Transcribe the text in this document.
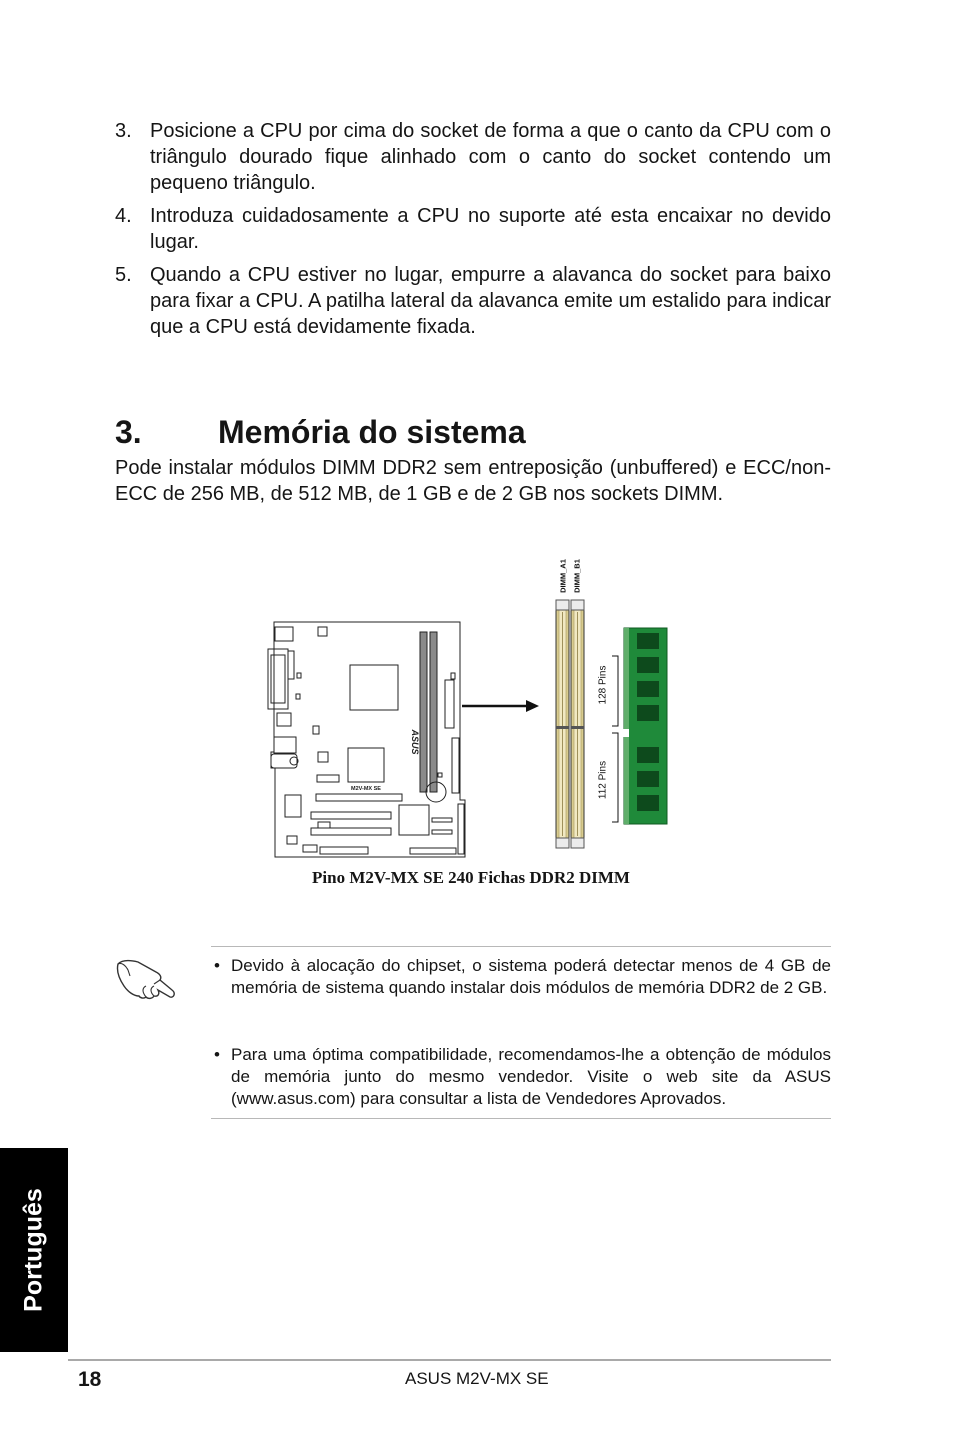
3. Posicione a CPU por cima do socket de forma a que o canto da CPU com o triângulo dourado fique alinhado com o canto do socket contendo um pequeno triângulo.
4. Introduza cuidadosamente a CPU no suporte até esta encaixar no devido lugar.
5. Quando a CPU estiver no lugar, empurre a alavanca do socket para baixo para fixar a CPU. A patilha lateral da alavanca emite um estalido para indicar que a CPU está devidamente fixada.
3. Memória do sistema
Pode instalar módulos DIMM DDR2 sem entreposição (unbuffered) e ECC/non-ECC de 256 MB, de 512 MB, de 1 GB e de 2 GB nos sockets DIMM.
M2V-MX SE
ASUS
DIMM_A1 DIMM_B1
128 Pins
112 Pins
Pino M2V-MX SE 240 Fichas DDR2 DIMM
• Devido à alocação do chipset, o sistema poderá detectar menos de 4 GB de memória de sistema quando instalar dois módulos de memória DDR2 de 2 GB.
• Para uma óptima compatibilidade, recomendamos-lhe a obtenção de módulos de memória junto do mesmo vendedor. Visite o web site da ASUS (www.asus.com) para consultar a lista de Vendedores Aprovados.
Português
18	ASUS M2V-MX SE
